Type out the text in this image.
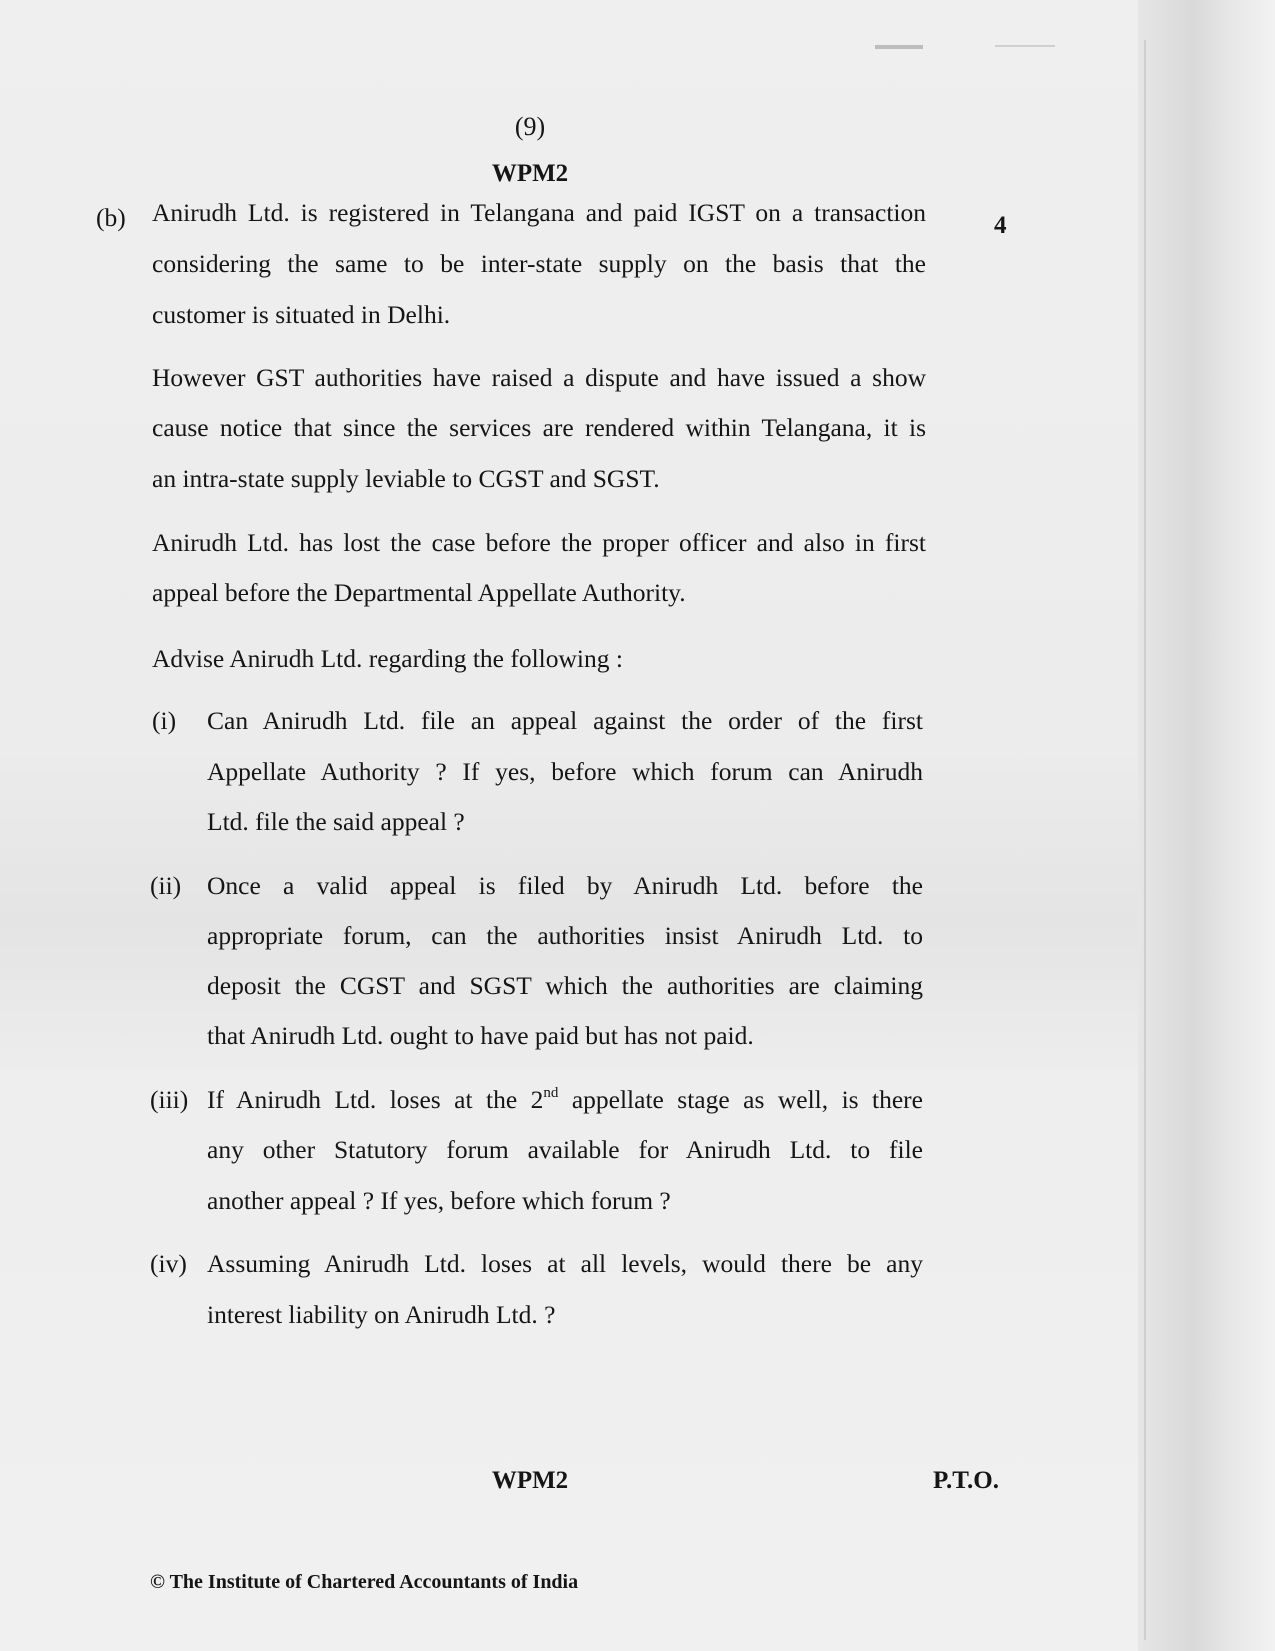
(9)
WPM2
(b)	4
Anirudh Ltd. is registered in Telangana and paid IGST on a transaction
considering the same to be inter-state supply on the basis that the
customer is situated in Delhi.
However GST authorities have raised a dispute and have issued a show
cause notice that since the services are rendered within Telangana, it is
an intra-state supply leviable to CGST and SGST.
Anirudh Ltd. has lost the case before the proper officer and also in first
appeal before the Departmental Appellate Authority.
Advise Anirudh Ltd. regarding the following :
(i) Can Anirudh Ltd. file an appeal against the order of the first
Appellate Authority ? If yes, before which forum can Anirudh
Ltd. file the said appeal ?
(ii) Once a valid appeal is filed by Anirudh Ltd. before the
appropriate forum, can the authorities insist Anirudh Ltd. to
deposit the CGST and SGST which the authorities are claiming
that Anirudh Ltd. ought to have paid but has not paid.
(iii) If Anirudh Ltd. loses at the 2nd appellate stage as well, is there
any other Statutory forum available for Anirudh Ltd. to file
another appeal ? If yes, before which forum ?
(iv) Assuming Anirudh Ltd. loses at all levels, would there be any
interest liability on Anirudh Ltd. ?
WPM2	P.T.O.
© The Institute of Chartered Accountants of India
